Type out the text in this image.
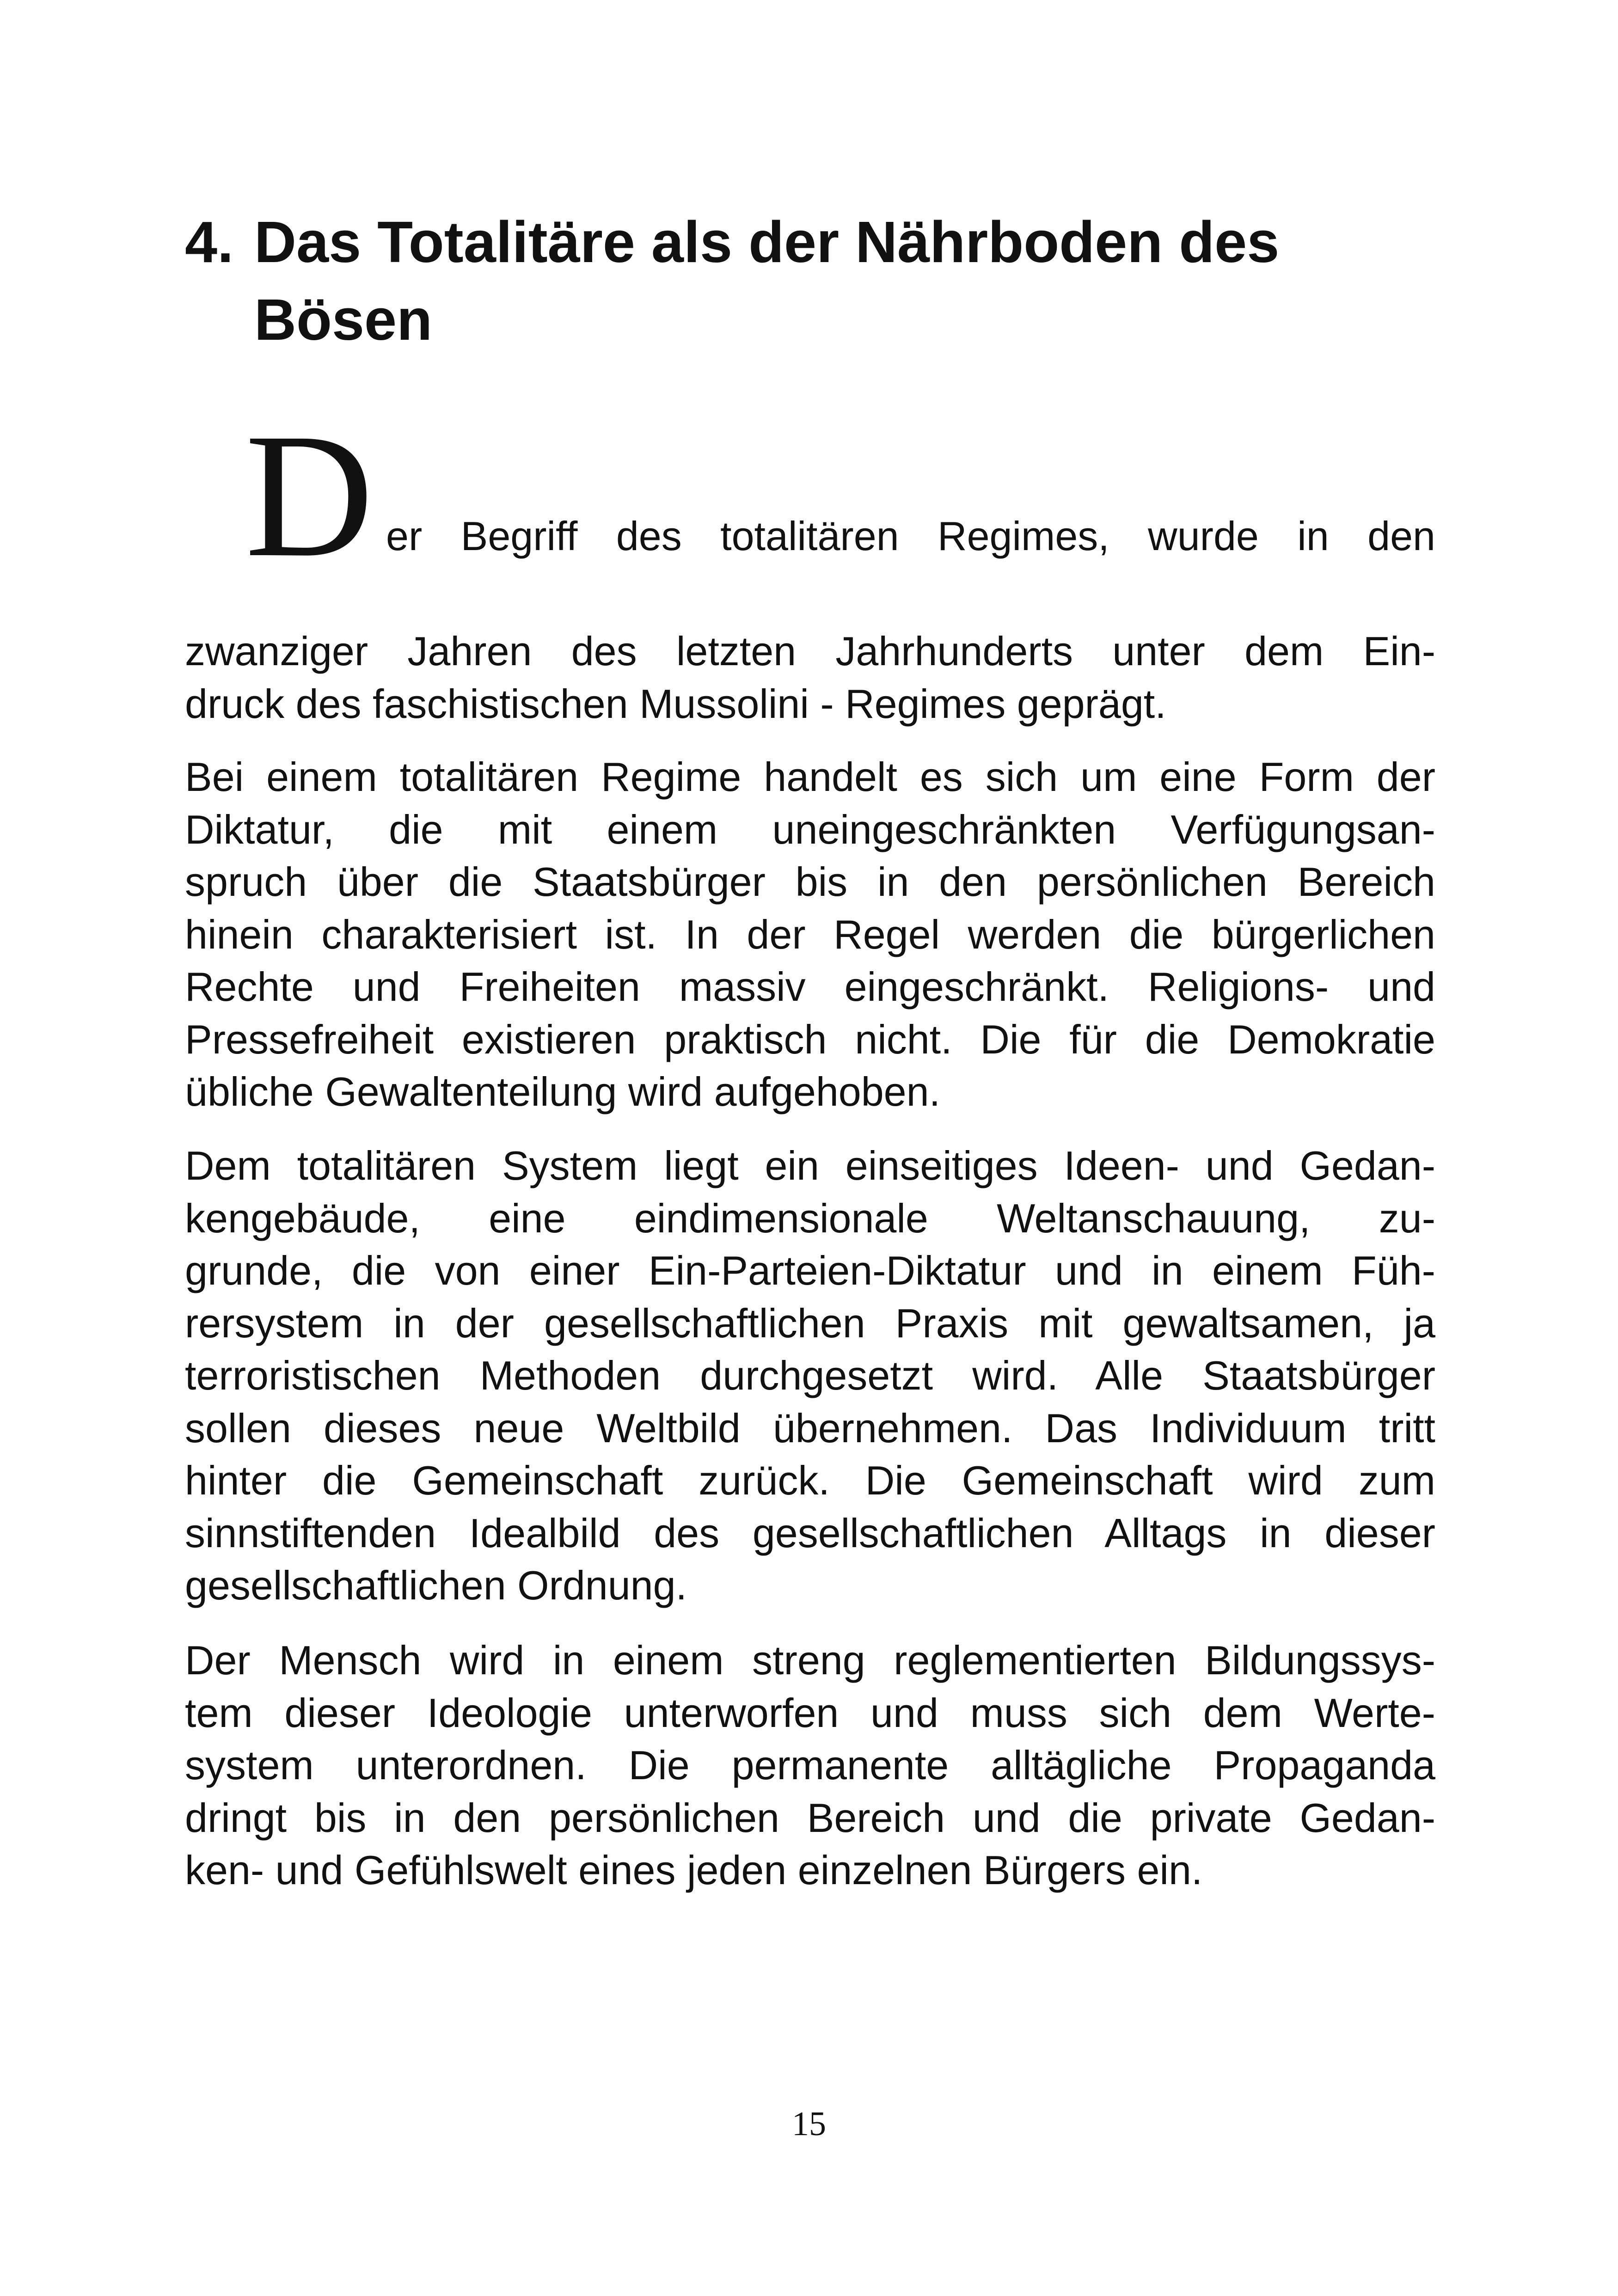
4. Das Totalitäre als der Nährboden des
Bösen
D er Begriff des totalitären Regimes, wurde in den
zwanziger Jahren des letzten Jahrhunderts unter dem Ein-
druck des faschistischen Mussolini - Regimes geprägt.
Bei einem totalitären Regime handelt es sich um eine Form der
Diktatur, die mit einem uneingeschränkten Verfügungsan-
spruch über die Staatsbürger bis in den persönlichen Bereich
hinein charakterisiert ist. In der Regel werden die bürgerlichen
Rechte und Freiheiten massiv eingeschränkt. Religions- und
Pressefreiheit existieren praktisch nicht. Die für die Demokratie
übliche Gewaltenteilung wird aufgehoben.
Dem totalitären System liegt ein einseitiges Ideen- und Gedan-
kengebäude, eine eindimensionale Weltanschauung, zu-
grunde, die von einer Ein-Parteien-Diktatur und in einem Füh-
rersystem in der gesellschaftlichen Praxis mit gewaltsamen, ja
terroristischen Methoden durchgesetzt wird. Alle Staatsbürger
sollen dieses neue Weltbild übernehmen. Das Individuum tritt
hinter die Gemeinschaft zurück. Die Gemeinschaft wird zum
sinnstiftenden Idealbild des gesellschaftlichen Alltags in dieser
gesellschaftlichen Ordnung.
Der Mensch wird in einem streng reglementierten Bildungssys-
tem dieser Ideologie unterworfen und muss sich dem Werte-
system unterordnen. Die permanente alltägliche Propaganda
dringt bis in den persönlichen Bereich und die private Gedan-
ken- und Gefühlswelt eines jeden einzelnen Bürgers ein.
15
